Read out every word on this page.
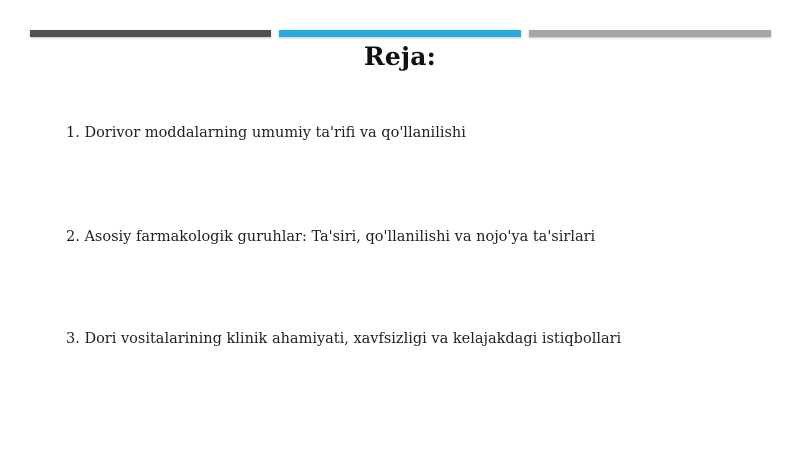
Reja:
1. Dorivor moddalarning umumiy ta'rifi va qo'llanilishi
2. Asosiy farmakologik guruhlar: Ta'siri, qo'llanilishi va nojo'ya ta'sirlari
3. Dori vositalarining klinik ahamiyati, xavfsizligi va kelajakdagi istiqbollari
